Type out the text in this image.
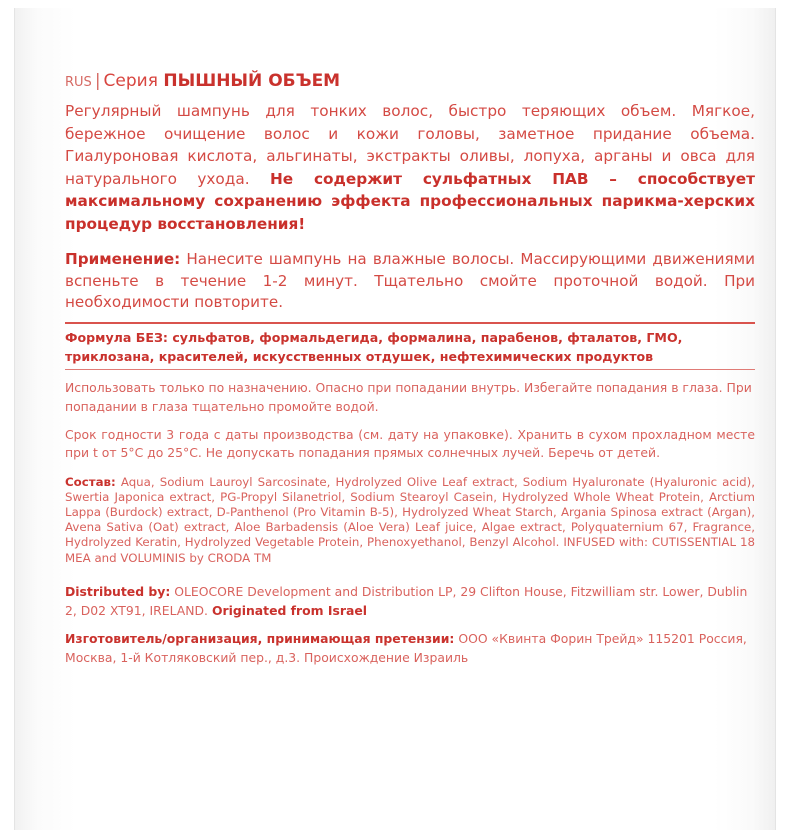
RUS | Серия ПЫШНЫЙ ОБЪЕМ

Регулярный шампунь для тонких волос, быстро теряющих объем. Мягкое, бережное очищение волос и кожи головы, заметное придание объема. Гиалуроновая кислота, альгинаты, экстракты оливы, лопуха, арганы и овса для натурального ухода. Не содержит сульфатных ПАВ – способствует максимальному сохранению эффекта профессиональных парикма-херских процедур восстановления!

Применение: Нанесите шампунь на влажные волосы. Массирующими движениями вспеньте в течение 1-2 минут. Тщательно смойте проточной водой. При необходимости повторите.

Формула БЕЗ: сульфатов, формальдегида, формалина, парабенов, фталатов, ГМО, триклозана, красителей, искусственных отдушек, нефтехимических продуктов

Использовать только по назначению. Опасно при попадании внутрь. Избегайте попадания в глаза. При попадании в глаза тщательно промойте водой.

Срок годности 3 года с даты производства (см. дату на упаковке). Хранить в сухом прохладном месте при t от 5°C до 25°C. Не допускать попадания прямых солнечных лучей. Беречь от детей.

Состав: Aqua, Sodium Lauroyl Sarcosinate, Hydrolyzed Olive Leaf extract, Sodium Hyaluronate (Hyaluronic acid), Swertia Japonica extract, PG-Propyl Silanetriol, Sodium Stearoyl Casein, Hydrolyzed Whole Wheat Protein, Arctium Lappa (Burdock) extract, D-Panthenol (Pro Vitamin B-5), Hydrolyzed Wheat Starch, Argania Spinosa extract (Argan), Avena Sativa (Oat) extract, Aloe Barbadensis (Aloe Vera) Leaf juice, Algae extract, Polyquaternium 67, Fragrance, Hydrolyzed Keratin, Hydrolyzed Vegetable Protein, Phenoxyethanol, Benzyl Alcohol. INFUSED with: CUTISSENTIAL 18 MEA and VOLUMINIS by CRODA TM

Distributed by: OLEOCORE Development and Distribution LP, 29 Clifton House, Fitzwilliam str. Lower, Dublin 2, D02 XT91, IRELAND. Originated from Israel

Изготовитель/организация, принимающая претензии: ООО «Квинта Форин Трейд» 115201 Россия, Москва, 1-й Котляковский пер., д.3. Происхождение Израиль
